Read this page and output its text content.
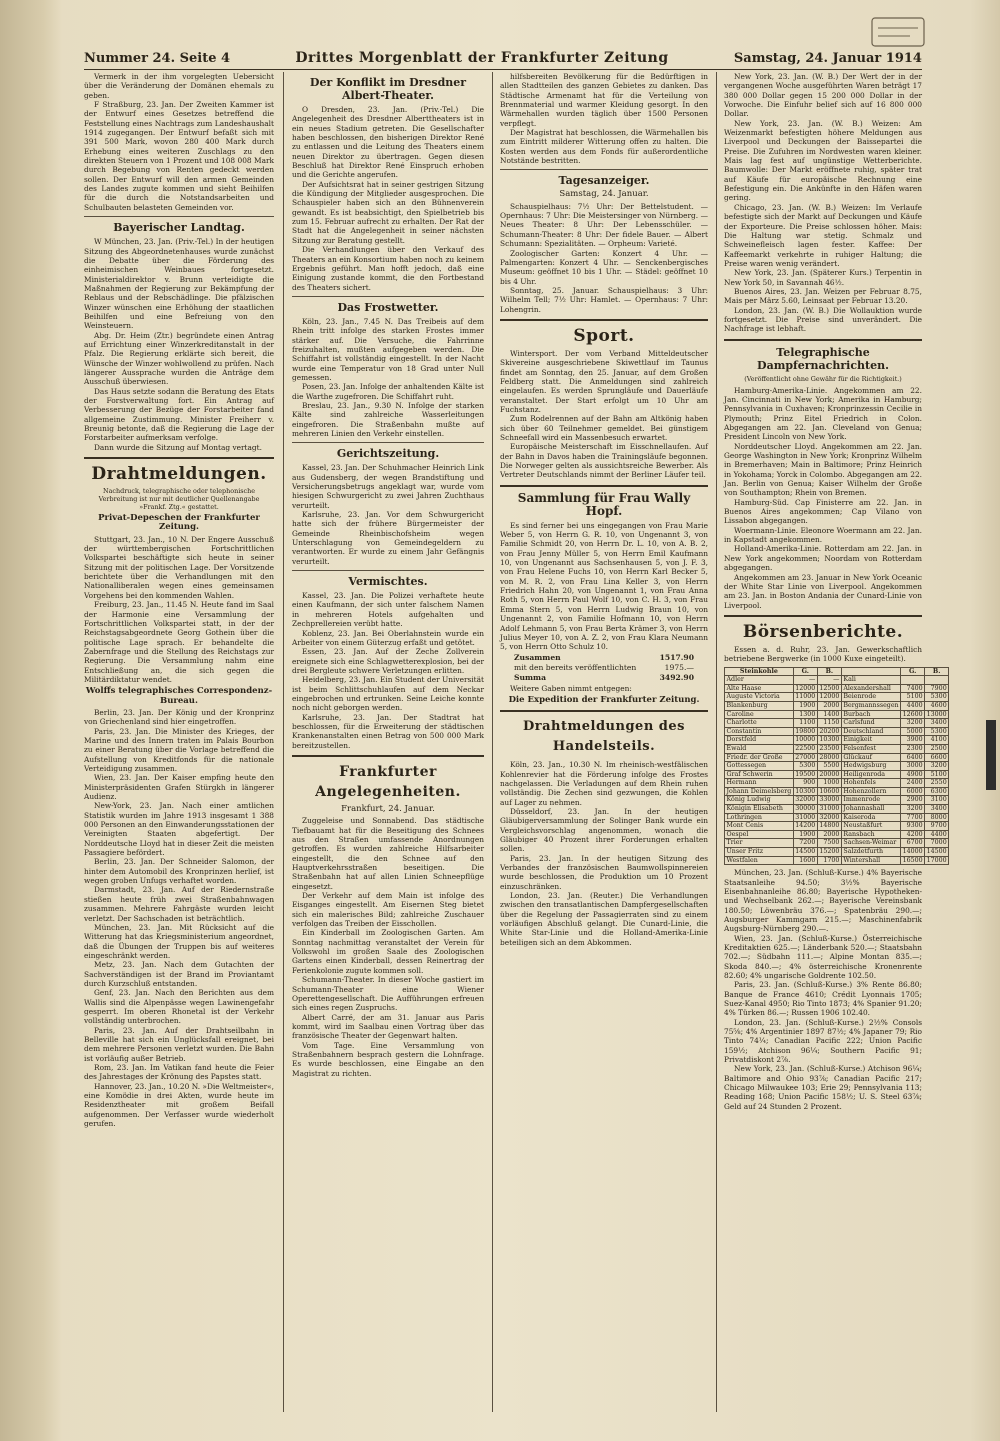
Nummer 24. Seite 4	Drittes Morgenblatt der Frankfurter Zeitung	Samstag, 24. Januar 1914

Vermerk in der ihm vorgelegten Uebersicht über die Veränderung der Domänen ehemals zu geben.

F Straßburg, 23. Jan. Der Zweiten Kammer ist der Entwurf eines Gesetzes betreffend die Feststellung eines Nachtrags zum Landeshaushalt 1914 zugegangen. Der Entwurf befaßt sich mit 391 500 Mark, wovon 280 400 Mark durch Erhebung eines weiteren Zuschlags zu den direkten Steuern von 1 Prozent und 108 008 Mark durch Begebung von Renten gedeckt werden sollen. Der Entwurf will den armen Gemeinden des Landes zugute kommen und sieht Beihilfen für die durch die Notstandsarbeiten und Schulbauten belasteten Gemeinden vor.

Bayerischer Landtag.

W München, 23. Jan. (Priv.-Tel.) In der heutigen Sitzung des Abgeordnetenhauses wurde zunächst die Debatte über die Förderung des einheimischen Weinbaues fortgesetzt. Ministerialdirektor v. Brunn verteidigte die Maßnahmen der Regierung zur Bekämpfung der Reblaus und der Rebschädlinge. Die pfälzischen Winzer wünschen eine Erhöhung der staatlichen Beihilfen und eine Befreiung von den Weinsteuern.

Abg. Dr. Heim (Ztr.) begründete einen Antrag auf Errichtung einer Winzerkreditanstalt in der Pfalz. Die Regierung erklärte sich bereit, die Wünsche der Winzer wohlwollend zu prüfen. Nach längerer Aussprache wurden die Anträge dem Ausschuß überwiesen.

Das Haus setzte sodann die Beratung des Etats der Forstverwaltung fort. Ein Antrag auf Verbesserung der Bezüge der Forstarbeiter fand allgemeine Zustimmung. Minister Freiherr v. Breunig betonte, daß die Regierung die Lage der Forstarbeiter aufmerksam verfolge.

Dann wurde die Sitzung auf Montag vertagt.

Drahtmeldungen.
Nachdruck, telegraphische oder telephonische Verbreitung ist nur mit deutlicher Quellenangabe »Frankf. Ztg.« gestattet.
Privat-Depeschen der Frankfurter Zeitung.

Stuttgart, 23. Jan., 10 N. Der Engere Ausschuß der württembergischen Fortschrittlichen Volkspartei beschäftigte sich heute in seiner Sitzung mit der politischen Lage. Der Vorsitzende berichtete über die Verhandlungen mit den Nationalliberalen wegen eines gemeinsamen Vorgehens bei den kommenden Wahlen.

Freiburg, 23. Jan., 11.45 N. Heute fand im Saal der Harmonie eine Versammlung der Fortschrittlichen Volkspartei statt, in der der Reichstagsabgeordnete Georg Gothein über die politische Lage sprach. Er behandelte die Zabernfrage und die Stellung des Reichstags zur Regierung. Die Versammlung nahm eine Entschließung an, die sich gegen die Militärdiktatur wendet.

Wolffs telegraphisches Correspondenz-Bureau.

Berlin, 23. Jan. Der König und der Kronprinz von Griechenland sind hier eingetroffen.

Paris, 23. Jan. Die Minister des Krieges, der Marine und des Innern traten im Palais Bourbon zu einer Beratung über die Vorlage betreffend die Aufstellung von Kreditfonds für die nationale Verteidigung zusammen.

Wien, 23. Jan. Der Kaiser empfing heute den Ministerpräsidenten Grafen Stürgkh in längerer Audienz.

New-York, 23. Jan. Nach einer amtlichen Statistik wurden im Jahre 1913 insgesamt 1 388 000 Personen an den Einwanderungsstationen der Vereinigten Staaten abgefertigt. Der Norddeutsche Lloyd hat in dieser Zeit die meisten Passagiere befördert.

Berlin, 23. Jan. Der Schneider Salomon, der hinter dem Automobil des Kronprinzen herlief, ist wegen groben Unfugs verhaftet worden.

Darmstadt, 23. Jan. Auf der Riedernstraße stießen heute früh zwei Straßenbahnwagen zusammen. Mehrere Fahrgäste wurden leicht verletzt. Der Sachschaden ist beträchtlich.

München, 23. Jan. Mit Rücksicht auf die Witterung hat das Kriegsministerium angeordnet, daß die Übungen der Truppen bis auf weiteres eingeschränkt werden.

Metz, 23. Jan. Nach dem Gutachten der Sachverständigen ist der Brand im Proviantamt durch Kurzschluß entstanden.

Genf, 23. Jan. Nach den Berichten aus dem Wallis sind die Alpenpässe wegen Lawinengefahr gesperrt. Im oberen Rhonetal ist der Verkehr vollständig unterbrochen.

Paris, 23. Jan. Auf der Drahtseilbahn in Belleville hat sich ein Unglücksfall ereignet, bei dem mehrere Personen verletzt wurden. Die Bahn ist vorläufig außer Betrieb.

Rom, 23. Jan. Im Vatikan fand heute die Feier des Jahrestages der Krönung des Papstes statt.

Hannover, 23. Jan., 10.20 N. »Die Weltmeister«, eine Komödie in drei Akten, wurde heute im Residenztheater mit großem Beifall aufgenommen. Der Verfasser wurde wiederholt gerufen.

Der Konflikt im Dresdner Albert-Theater.

O Dresden, 23. Jan. (Priv.-Tel.) Die Angelegenheit des Dresdner Alberttheaters ist in ein neues Stadium getreten. Die Gesellschafter haben beschlossen, den bisherigen Direktor René zu entlassen und die Leitung des Theaters einem neuen Direktor zu übertragen. Gegen diesen Beschluß hat Direktor René Einspruch erhoben und die Gerichte angerufen.

Der Aufsichtsrat hat in seiner gestrigen Sitzung die Kündigung der Mitglieder ausgesprochen. Die Schauspieler haben sich an den Bühnenverein gewandt. Es ist beabsichtigt, den Spielbetrieb bis zum 15. Februar aufrecht zu erhalten. Der Rat der Stadt hat die Angelegenheit in seiner nächsten Sitzung zur Beratung gestellt.

Die Verhandlungen über den Verkauf des Theaters an ein Konsortium haben noch zu keinem Ergebnis geführt. Man hofft jedoch, daß eine Einigung zustande kommt, die den Fortbestand des Theaters sichert.

Das Frostwetter.

Köln, 23. Jan., 7.45 N. Das Treibeis auf dem Rhein tritt infolge des starken Frostes immer stärker auf. Die Versuche, die Fahrrinne freizuhalten, mußten aufgegeben werden. Die Schiffahrt ist vollständig eingestellt. In der Nacht wurde eine Temperatur von 18 Grad unter Null gemessen.

Posen, 23. Jan. Infolge der anhaltenden Kälte ist die Warthe zugefroren. Die Schiffahrt ruht.

Breslau, 23. Jan., 9.30 N. Infolge der starken Kälte sind zahlreiche Wasserleitungen eingefroren. Die Straßenbahn mußte auf mehreren Linien den Verkehr einstellen.

Gerichtszeitung.

Kassel, 23. Jan. Der Schuhmacher Heinrich Link aus Gudensberg, der wegen Brandstiftung und Versicherungsbetrugs angeklagt war, wurde vom hiesigen Schwurgericht zu zwei Jahren Zuchthaus verurteilt.

Karlsruhe, 23. Jan. Vor dem Schwurgericht hatte sich der frühere Bürgermeister der Gemeinde Rheinbischofsheim wegen Unterschlagung von Gemeindegeldern zu verantworten. Er wurde zu einem Jahr Gefängnis verurteilt.

Vermischtes.

Kassel, 23. Jan. Die Polizei verhaftete heute einen Kaufmann, der sich unter falschem Namen in mehreren Hotels aufgehalten und Zechprellereien verübt hatte.

Koblenz, 23. Jan. Bei Oberlahnstein wurde ein Arbeiter von einem Güterzug erfaßt und getötet.

Essen, 23. Jan. Auf der Zeche Zollverein ereignete sich eine Schlagwetterexplosion, bei der drei Bergleute schwere Verletzungen erlitten.

Heidelberg, 23. Jan. Ein Student der Universität ist beim Schlittschuhlaufen auf dem Neckar eingebrochen und ertrunken. Seine Leiche konnte noch nicht geborgen werden.

Karlsruhe, 23. Jan. Der Stadtrat hat beschlossen, für die Erweiterung der städtischen Krankenanstalten einen Betrag von 500 000 Mark bereitzustellen.

Frankfurter Angelegenheiten.
Frankfurt, 24. Januar.

Zuggeleise und Sonnabend. Das städtische Tiefbauamt hat für die Beseitigung des Schnees aus den Straßen umfassende Anordnungen getroffen. Es wurden zahlreiche Hilfsarbeiter eingestellt, die den Schnee auf den Hauptverkehrsstraßen beseitigen. Die Straßenbahn hat auf allen Linien Schneepflüge eingesetzt.

Der Verkehr auf dem Main ist infolge des Eisganges eingestellt. Am Eisernen Steg bietet sich ein malerisches Bild; zahlreiche Zuschauer verfolgen das Treiben der Eisschollen.

Ein Kinderball im Zoologischen Garten. Am Sonntag nachmittag veranstaltet der Verein für Volkswohl im großen Saale des Zoologischen Gartens einen Kinderball, dessen Reinertrag der Ferienkolonie zugute kommen soll.

Schumann-Theater. In dieser Woche gastiert im Schumann-Theater eine Wiener Operettengesellschaft. Die Aufführungen erfreuen sich eines regen Zuspruchs.

Albert Carré, der am 31. Januar aus Paris kommt, wird im Saalbau einen Vortrag über das französische Theater der Gegenwart halten.

Vom Tage. Eine Versammlung von Straßenbahnern besprach gestern die Lohnfrage. Es wurde beschlossen, eine Eingabe an den Magistrat zu richten.

hilfsbereiten Bevölkerung für die Bedürftigen in allen Stadtteilen des ganzen Gebietes zu danken. Das Städtische Armenamt hat für die Verteilung von Brennmaterial und warmer Kleidung gesorgt. In den Wärmehallen wurden täglich über 1500 Personen verpflegt.

Der Magistrat hat beschlossen, die Wärmehallen bis zum Eintritt milderer Witterung offen zu halten. Die Kosten werden aus dem Fonds für außerordentliche Notstände bestritten.

Tagesanzeiger.
Samstag, 24. Januar.

Schauspielhaus: 7½ Uhr: Der Bettelstudent. — Opernhaus: 7 Uhr: Die Meistersinger von Nürnberg. — Neues Theater: 8 Uhr: Der Lebensschüler. — Schumann-Theater: 8 Uhr: Der fidele Bauer. — Albert Schumann: Spezialitäten. — Orpheum: Varieté.

Zoologischer Garten: Konzert 4 Uhr. — Palmengarten: Konzert 4 Uhr. — Senckenbergisches Museum: geöffnet 10 bis 1 Uhr. — Städel: geöffnet 10 bis 4 Uhr.

Sonntag, 25. Januar. Schauspielhaus: 3 Uhr: Wilhelm Tell; 7½ Uhr: Hamlet. — Opernhaus: 7 Uhr: Lohengrin.

Sport.

Wintersport. Der vom Verband Mitteldeutscher Skivereine ausgeschriebene Skiwettlauf im Taunus findet am Sonntag, den 25. Januar, auf dem Großen Feldberg statt. Die Anmeldungen sind zahlreich eingelaufen. Es werden Sprungläufe und Dauerläufe veranstaltet. Der Start erfolgt um 10 Uhr am Fuchstanz.

Zum Rodelrennen auf der Bahn am Altkönig haben sich über 60 Teilnehmer gemeldet. Bei günstigem Schneefall wird ein Massenbesuch erwartet.

Europäische Meisterschaft im Eisschnellaufen. Auf der Bahn in Davos haben die Trainingsläufe begonnen. Die Norweger gelten als aussichtsreiche Bewerber. Als Vertreter Deutschlands nimmt der Berliner Läufer teil.

Sammlung für Frau Wally Hopf.

Es sind ferner bei uns eingegangen von Frau Marie Weber 5, von Herrn G. R. 10, von Ungenannt 3, von Familie Schmidt 20, von Herrn Dr. L. 10, von A. B. 2, von Frau Jenny Müller 5, von Herrn Emil Kaufmann 10, von Ungenannt aus Sachsenhausen 5, von J. F. 3, von Frau Helene Fuchs 10, von Herrn Karl Becker 5, von M. R. 2, von Frau Lina Keller 3, von Herrn Friedrich Hahn 20, von Ungenannt 1, von Frau Anna Roth 5, von Herrn Paul Wolf 10, von C. H. 3, von Frau Emma Stern 5, von Herrn Ludwig Braun 10, von Ungenannt 2, von Familie Hofmann 10, von Herrn Adolf Lehmann 5, von Frau Berta Krämer 3, von Herrn Julius Meyer 10, von A. Z. 2, von Frau Klara Neumann 5, von Herrn Otto Schulz 10.

Zusammen	1517.90
mit den bereits veröffentlichten	1975.—
Summa	3492.90

Weitere Gaben nimmt entgegen:

Die Expedition der Frankfurter Zeitung.
Drahtmeldungen des Handelsteils.

Köln, 23. Jan., 10.30 N. Im rheinisch-westfälischen Kohlenrevier hat die Förderung infolge des Frostes nachgelassen. Die Verladungen auf dem Rhein ruhen vollständig. Die Zechen sind gezwungen, die Kohlen auf Lager zu nehmen.

Düsseldorf, 23. Jan. In der heutigen Gläubigerversammlung der Solinger Bank wurde ein Vergleichsvorschlag angenommen, wonach die Gläubiger 40 Prozent ihrer Forderungen erhalten sollen.

Paris, 23. Jan. In der heutigen Sitzung des Verbandes der französischen Baumwollspinnereien wurde beschlossen, die Produktion um 10 Prozent einzuschränken.

London, 23. Jan. (Reuter.) Die Verhandlungen zwischen den transatlantischen Dampfergesellschaften über die Regelung der Passagierraten sind zu einem vorläufigen Abschluß gelangt. Die Cunard-Linie, die White Star-Linie und die Holland-Amerika-Linie beteiligen sich an dem Abkommen.

New York, 23. Jan. (W. B.) Der Wert der in der vergangenen Woche ausgeführten Waren beträgt 17 380 000 Dollar gegen 15 200 000 Dollar in der Vorwoche. Die Einfuhr belief sich auf 16 800 000 Dollar.

New York, 23. Jan. (W. B.) Weizen: Am Weizenmarkt befestigten höhere Meldungen aus Liverpool und Deckungen der Baissepartei die Preise. Die Zufuhren im Nordwesten waren kleiner. Mais lag fest auf ungünstige Wetterberichte. Baumwolle: Der Markt eröffnete ruhig, später trat auf Käufe für europäische Rechnung eine Befestigung ein. Die Ankünfte in den Häfen waren gering.

Chicago, 23. Jan. (W. B.) Weizen: Im Verlaufe befestigte sich der Markt auf Deckungen und Käufe der Exporteure. Die Preise schlossen höher. Mais: Die Haltung war stetig. Schmalz und Schweinefleisch lagen fester. Kaffee: Der Kaffeemarkt verkehrte in ruhiger Haltung; die Preise waren wenig verändert.

New York, 23. Jan. (Späterer Kurs.) Terpentin in New York 50, in Savannah 46½.

Buenos Aires, 23. Jan. Weizen per Februar 8.75, Mais per März 5.60, Leinsaat per Februar 13.20.

London, 23. Jan. (W. B.) Die Wollauktion wurde fortgesetzt. Die Preise sind unverändert. Die Nachfrage ist lebhaft.

Telegraphische Dampfernachrichten.
(Veröffentlicht ohne Gewähr für die Richtigkeit.)

Hamburg-Amerika-Linie. Angekommen am 22. Jan. Cincinnati in New York; Amerika in Hamburg; Pennsylvania in Cuxhaven; Kronprinzessin Cecilie in Plymouth; Prinz Eitel Friedrich in Colon. Abgegangen am 22. Jan. Cleveland von Genua; President Lincoln von New York.

Norddeutscher Lloyd. Angekommen am 22. Jan. George Washington in New York; Kronprinz Wilhelm in Bremerhaven; Main in Baltimore; Prinz Heinrich in Yokohama; Yorck in Colombo. Abgegangen am 22. Jan. Berlin von Genua; Kaiser Wilhelm der Große von Southampton; Rhein von Bremen.

Hamburg-Süd. Cap Finisterre am 22. Jan. in Buenos Aires angekommen; Cap Vilano von Lissabon abgegangen.

Woermann-Linie. Eleonore Woermann am 22. Jan. in Kapstadt angekommen.

Holland-Amerika-Linie. Rotterdam am 22. Jan. in New York angekommen; Noordam von Rotterdam abgegangen.

Angekommen am 23. Januar in New York Oceanic der White Star Linie von Liverpool. Angekommen am 23. Jan. in Boston Andania der Cunard-Linie von Liverpool.

Börsenberichte.

Essen a. d. Ruhr, 23. Jan. Gewerkschaftlich betriebene Bergwerke (in 1000 Kuxe eingeteilt).

Steinkohle	G.	B.		G.	B.
Adler	—	—	Kali		
Alte Haase	12000	12500	Alexandershall	7400	7900
Auguste Victoria	11000	12000	Beienrode	5100	5300
Blankenburg	1900	2000	Bergmannssegen	4400	4600
Caroline	1300	1400	Burbach	12600	13000
Charlotte	1100	1150	Carlsfund	3200	3400
Constantin	19800	20200	Deutschland	5000	5300
Dorstfeld	10000	10300	Einigkeit	3900	4100
Ewald	22500	23500	Felsenfest	2300	2500
Friedr. der Große	27000	28000	Glückauf	6400	6600
Gottessegen	5300	5500	Hedwigsburg	3000	3200
Graf Schwerin	19500	20000	Heiligenroda	4900	5100
Hermann	900	1000	Hohenfels	2400	2550
Johann Deimelsberg	10300	10600	Hohenzollern	6000	6300
König Ludwig	32000	33000	Immenrode	2900	3100
Königin Elisabeth	30000	31000	Johannashall	3200	3400
Lothringen	31000	32000	Kaiseroda	7700	8000
Mont Cenis	14200	14800	Neustaßfurt	9300	9700
Oespel	1900	2000	Ransbach	4200	4400
Trier	7200	7500	Sachsen-Weimar	6700	7000
Unser Fritz	14500	15200	Salzdetfurth	14000	14500
Westfalen	1600	1700	Wintershall	16500	17000

München, 23. Jan. (Schluß-Kurse.) 4% Bayerische Staatsanleihe 94.50; 3½% Bayerische Eisenbahnanleihe 86.80; Bayerische Hypotheken- und Wechselbank 262.—; Bayerische Vereinsbank 180.50; Löwenbräu 376.—; Spatenbräu 290.—; Augsburger Kammgarn 215.—; Maschinenfabrik Augsburg-Nürnberg 290.—.

Wien, 23. Jan. (Schluß-Kurse.) Österreichische Kreditaktien 625.—; Länderbank 520.—; Staatsbahn 702.—; Südbahn 111.—; Alpine Montan 835.—; Skoda 840.—; 4% österreichische Kronenrente 82.60; 4% ungarische Goldrente 102.50.

Paris, 23. Jan. (Schluß-Kurse.) 3% Rente 86.80; Banque de France 4610; Crédit Lyonnais 1705; Suez-Kanal 4950; Rio Tinto 1873; 4% Spanier 91.20; 4% Türken 86.—; Russen 1906 102.40.

London, 23. Jan. (Schluß-Kurse.) 2½% Consols 75⅝; 4% Argentinier 1897 87½; 4% Japaner 79; Rio Tinto 74¼; Canadian Pacific 222; Union Pacific 159½; Atchison 96¼; Southern Pacific 91; Privatdiskont 2⅞.

New York, 23. Jan. (Schluß-Kurse.) Atchison 96¼; Baltimore and Ohio 93⅞; Canadian Pacific 217; Chicago Milwaukee 103; Erie 29; Pennsylvania 113; Reading 168; Union Pacific 158½; U. S. Steel 63⅞; Geld auf 24 Stunden 2 Prozent.
